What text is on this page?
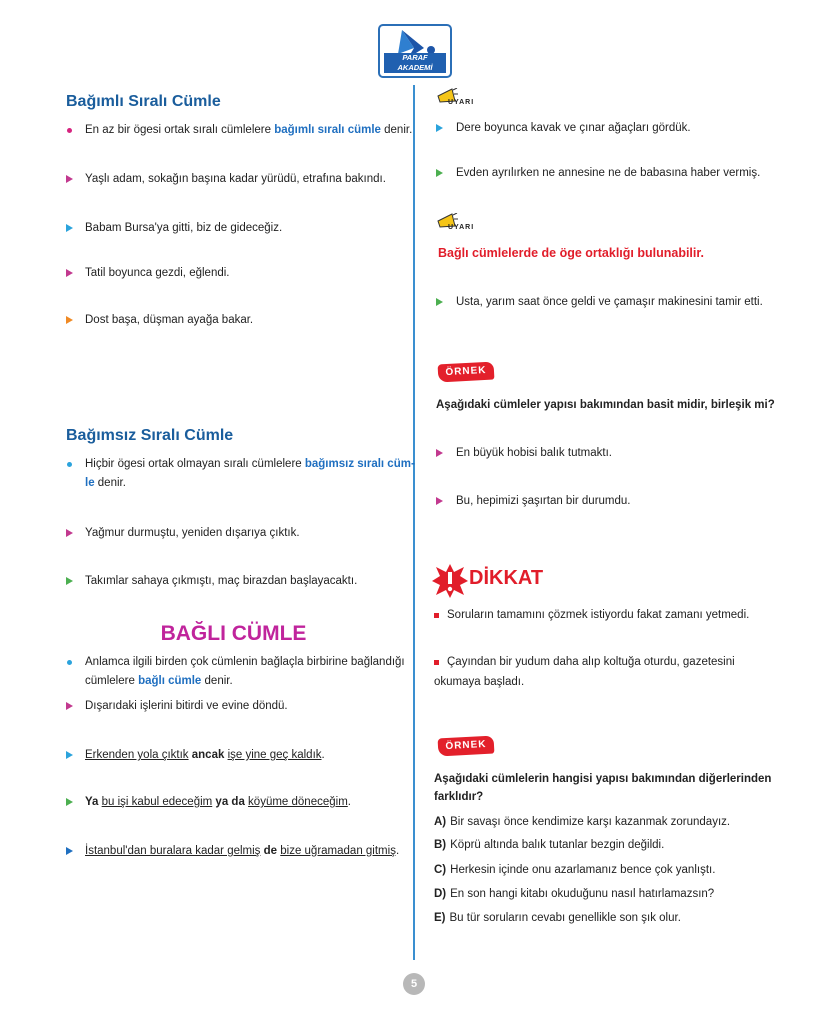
PARAF AKADEMİ
Bağımlı Sıralı Cümle
En az bir ögesi ortak sıralı cümlelere bağımlı sıralı cümle denir.
Yaşlı adam, sokağın başına kadar yürüdü, etrafına bakındı.
Babam Bursa'ya gitti, biz de gideceğiz.
Tatil boyunca gezdi, eğlendi.
Dost başa, düşman ayağa bakar.
Bağımsız Sıralı Cümle
Hiçbir ögesi ortak olmayan sıralı cümlelere bağımsız sıralı cüm-
le denir.
Yağmur durmuştu, yeniden dışarıya çıktık.
Takımlar sahaya çıkmıştı, maç birazdan başlayacaktı.
BAĞLI CÜMLE
Anlamca ilgili birden çok cümlenin bağlaçla birbirine bağlandığı
cümlelere bağlı cümle denir.
Dışarıdaki işlerini bitirdi ve evine döndü.
Erkenden yola çıktık ancak işe yine geç kaldık.
Ya bu işi kabul edeceğim ya da köyüme döneceğim.
İstanbul'dan buralara kadar gelmiş de bize uğramadan gitmiş.
UYARI
Dere boyunca kavak ve çınar ağaçları gördük.
Evden ayrılırken ne annesine ne de babasına haber vermiş.
UYARI
Bağlı cümlelerde de öge ortaklığı bulunabilir.
Usta, yarım saat önce geldi ve çamaşır makinesini tamir etti.
ÖRNEK
Aşağıdaki cümleler yapısı bakımından basit midir, birleşik mi?
En büyük hobisi balık tutmaktı.
Bu, hepimizi şaşırtan bir durumdu.
DİKKAT
Soruların tamamını çözmek istiyordu fakat zamanı yetmedi.
Çayından bir yudum daha alıp koltuğa oturdu, gazetesini
okumaya başladı.
ÖRNEK
Aşağıdaki cümlelerin hangisi yapısı bakımından diğerlerinden
farklıdır?
A) Bir savaşı önce kendimize karşı kazanmak zorundayız.
B) Köprü altında balık tutanlar bezgin değildi.
C) Herkesin içinde onu azarlamanız bence çok yanlıştı.
D) En son hangi kitabı okuduğunu nasıl hatırlamazsın?
E) Bu tür soruların cevabı genellikle son şık olur.
5
